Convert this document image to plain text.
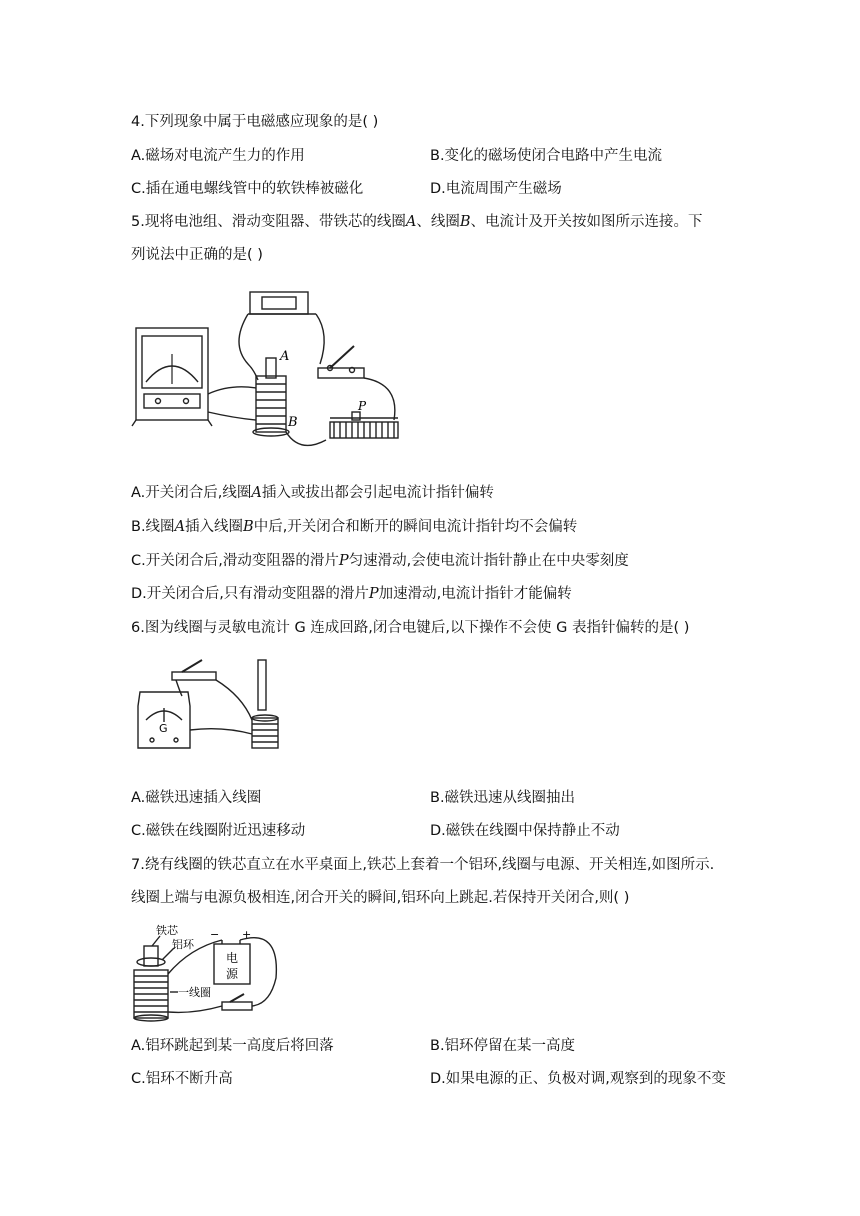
4.下列现象中属于电磁感应现象的是( )
A.磁场对电流产生力的作用	B.变化的磁场使闭合电路中产生电流
C.插在通电螺线管中的软铁棒被磁化	D.电流周围产生磁场
5.现将电池组、滑动变阻器、带铁芯的线圈A、线圈B、电流计及开关按如图所示连接。下
列说法中正确的是( )
A
B
P
A.开关闭合后,线圈A插入或拔出都会引起电流计指针偏转
B.线圈A插入线圈B中后,开关闭合和断开的瞬间电流计指针均不会偏转
C.开关闭合后,滑动变阻器的滑片P匀速滑动,会使电流计指针静止在中央零刻度
D.开关闭合后,只有滑动变阻器的滑片P加速滑动,电流计指针才能偏转
6.图为线圈与灵敏电流计 G 连成回路,闭合电键后,以下操作不会使 G 表指针偏转的是( )
G
A.磁铁迅速插入线圈	B.磁铁迅速从线圈抽出
C.磁铁在线圈附近迅速移动	D.磁铁在线圈中保持静止不动
7.绕有线圈的铁芯直立在水平桌面上,铁芯上套着一个铝环,线圈与电源、开关相连,如图所示.
线圈上端与电源负极相连,闭合开关的瞬间,铝环向上跳起.若保持开关闭合,则( )
铁芯
铝环
一线圈
电
源
− +
A.铝环跳起到某一高度后将回落	B.铝环停留在某一高度
C.铝环不断升高	D.如果电源的正、负极对调,观察到的现象不变
